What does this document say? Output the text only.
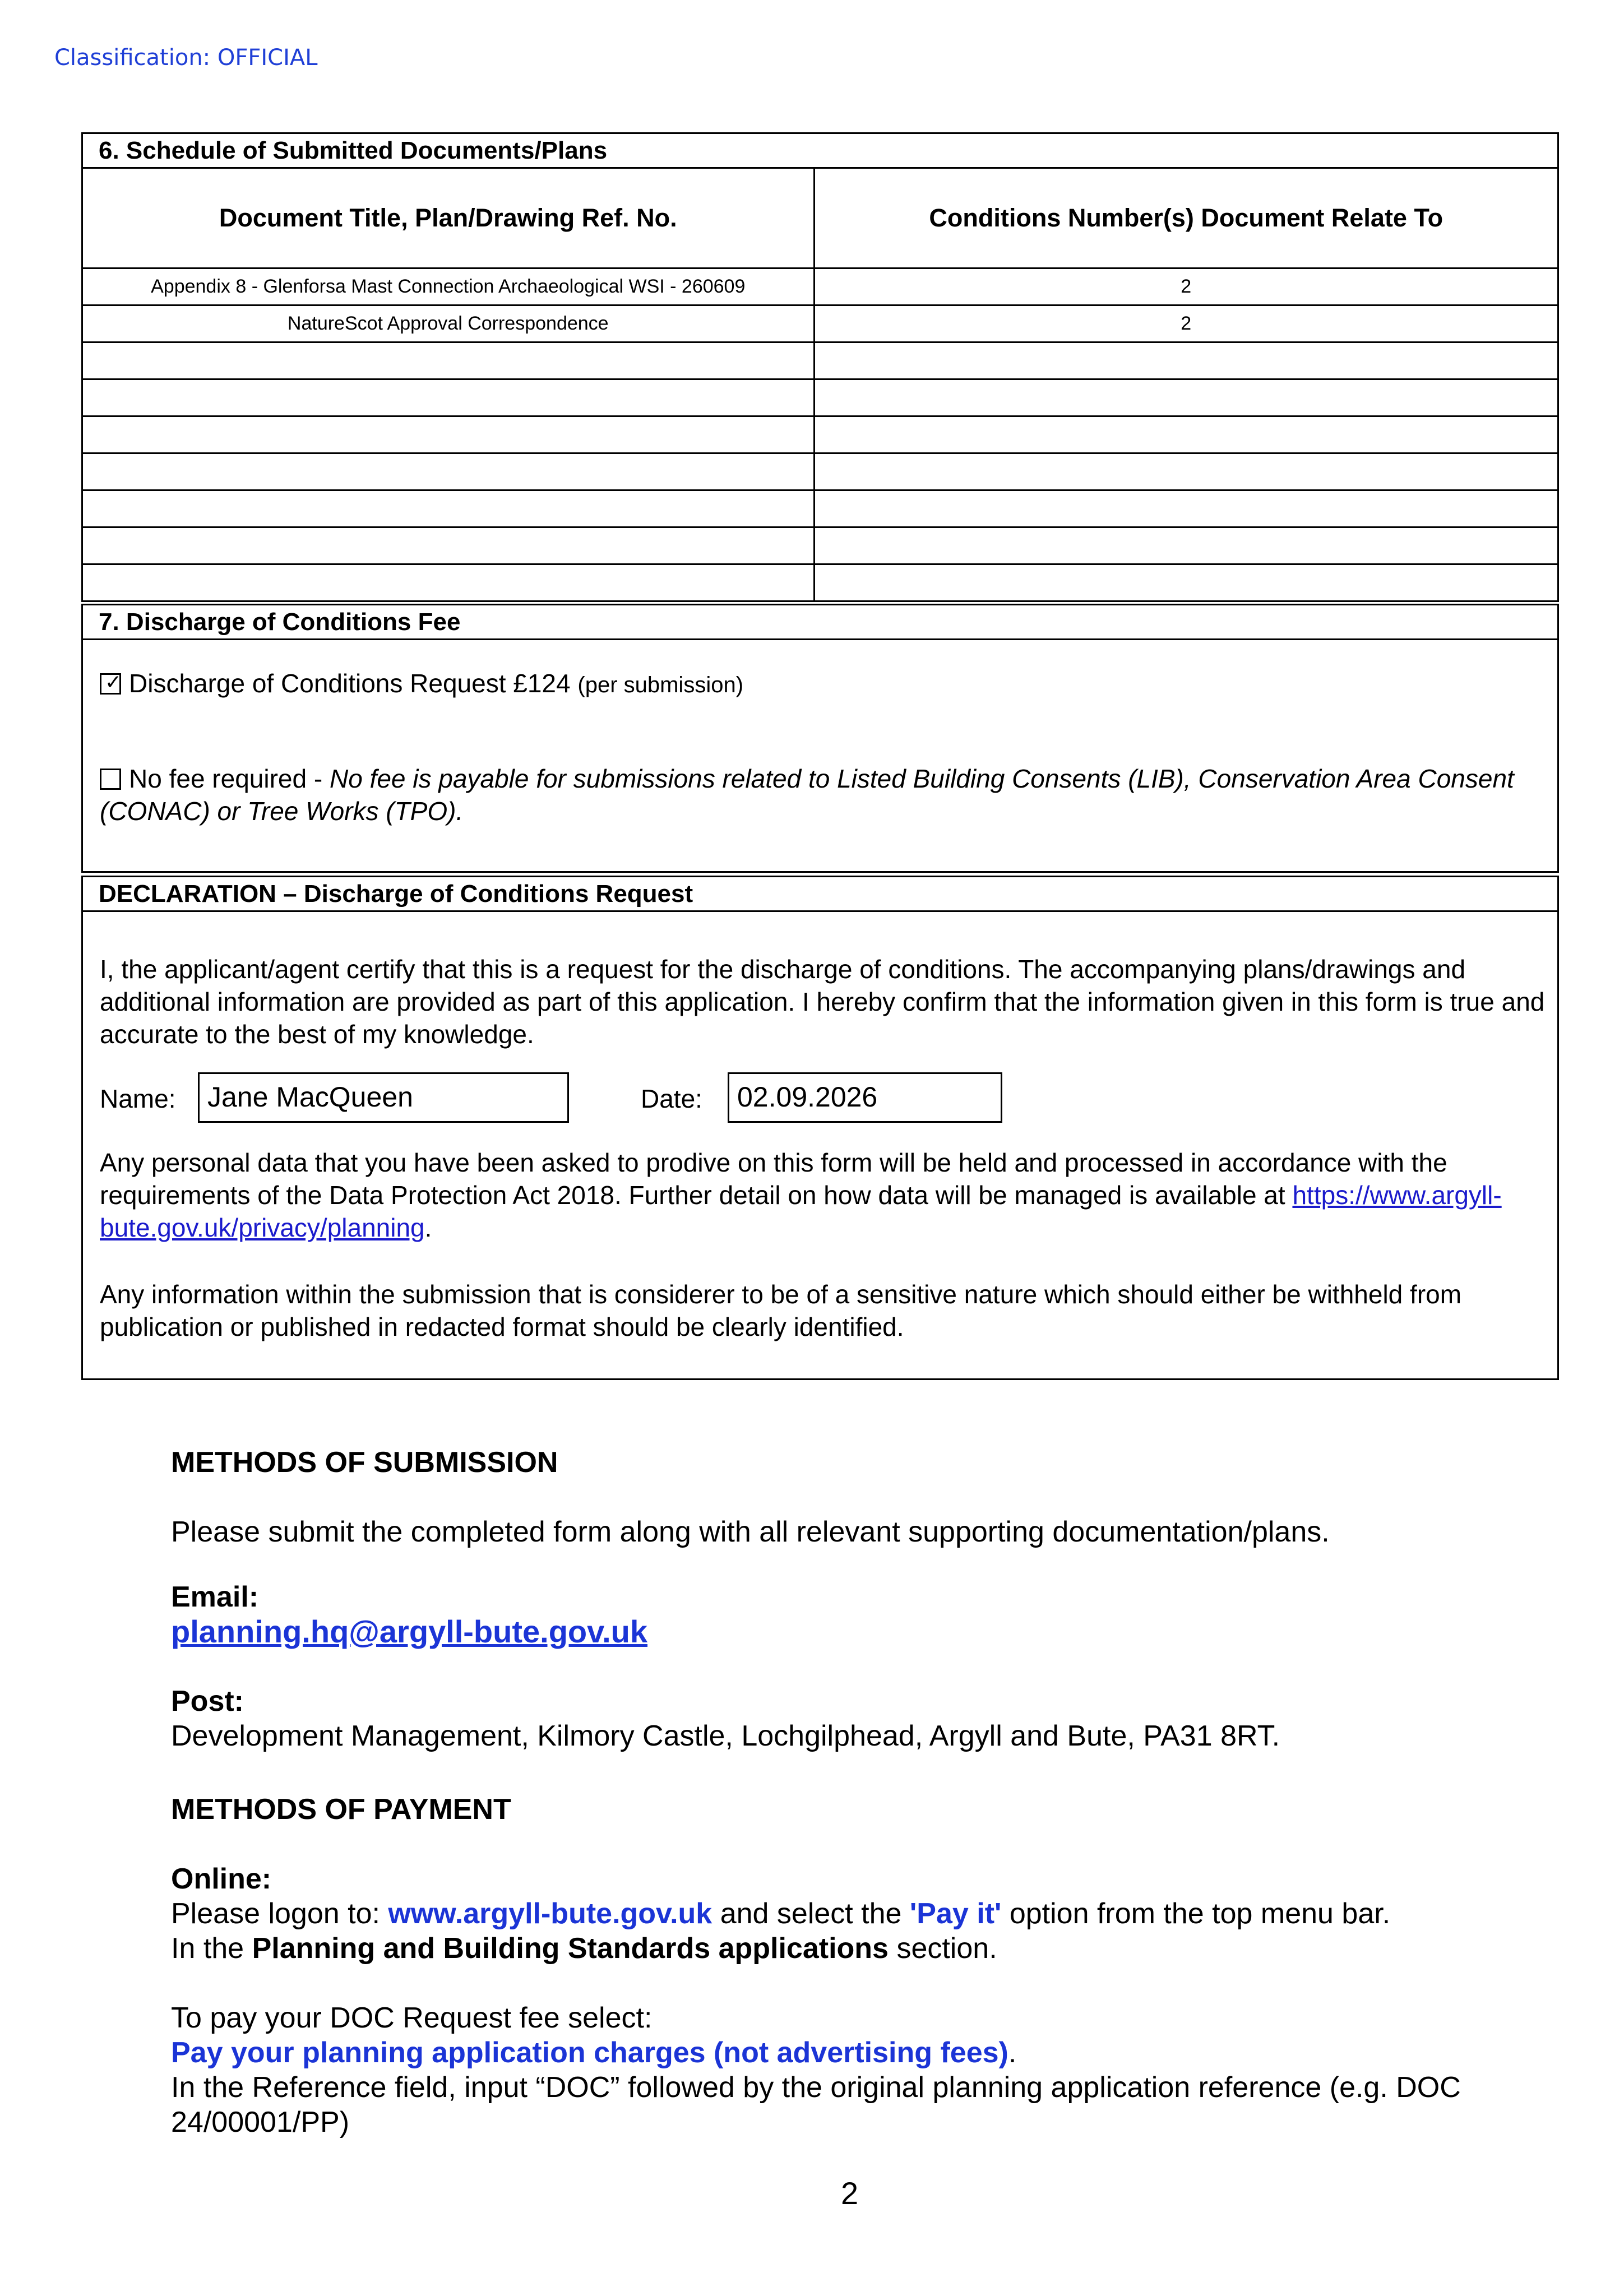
Classification: OFFICIAL
6. Schedule of Submitted Documents/Plans
Document Title, Plan/Drawing Ref. No.	Conditions Number(s) Document Relate To
Appendix 8 - Glenforsa Mast Connection Archaeological WSI - 260609	2
NatureScot Approval Correspondence	2

7. Discharge of Conditions Fee
✓ Discharge of Conditions Request £124 (per submission)
No fee required - No fee is payable for submissions related to Listed Building Consents (LIB), Conservation Area Consent (CONAC) or Tree Works (TPO).
DECLARATION – Discharge of Conditions Request
I, the applicant/agent certify that this is a request for the discharge of conditions. The accompanying plans/drawings and additional information are provided as part of this application. I hereby confirm that the information given in this form is true and accurate to the best of my knowledge.
Name:	Jane MacQueen	Date:	02.09.2026
Any personal data that you have been asked to prodive on this form will be held and processed in accordance with the requirements of the Data Protection Act 2018. Further detail on how data will be managed is available at https://www.argyll-bute.gov.uk/privacy/planning.
Any information within the submission that is considerer to be of a sensitive nature which should either be withheld from publication or published in redacted format should be clearly identified.
METHODS OF SUBMISSION
Please submit the completed form along with all relevant supporting documentation/plans.
Email:
planning.hq@argyll-bute.gov.uk
Post:
Development Management, Kilmory Castle, Lochgilphead, Argyll and Bute, PA31 8RT.
METHODS OF PAYMENT
Online:
Please logon to: www.argyll-bute.gov.uk and select the 'Pay it' option from the top menu bar.
In the Planning and Building Standards applications section.
To pay your DOC Request fee select:
Pay your planning application charges (not advertising fees).
In the Reference field, input “DOC” followed by the original planning application reference (e.g. DOC 24/00001/PP)
2
